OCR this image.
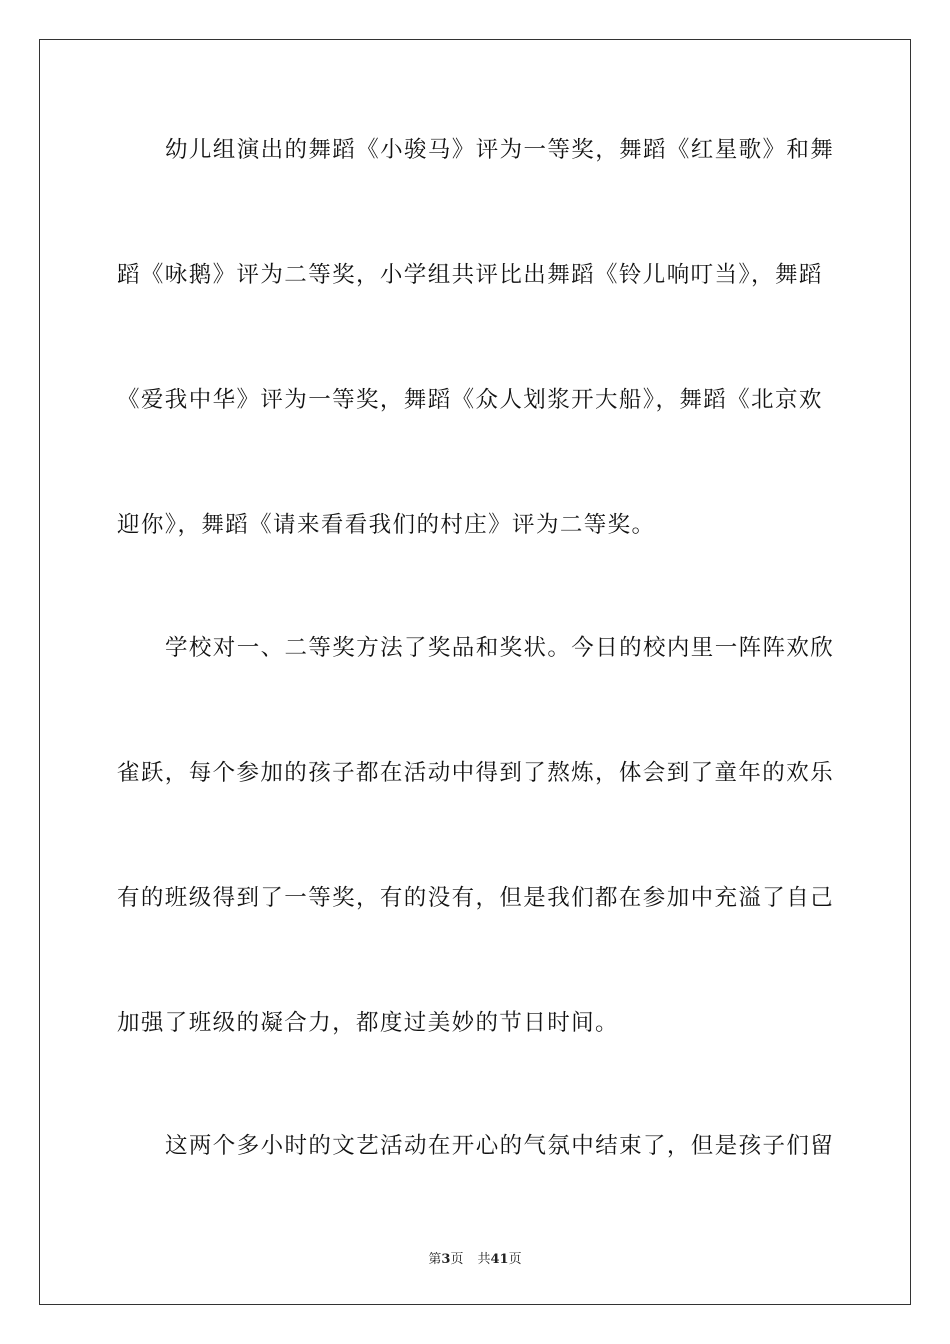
幼儿组演出的舞蹈《小骏马》评为一等奖，舞蹈《红星歌》和舞
蹈《咏鹅》评为二等奖，小学组共评比出舞蹈《铃儿响叮当》，舞蹈
《爱我中华》评为一等奖，舞蹈《众人划浆开大船》，舞蹈《北京欢
迎你》，舞蹈《请来看看我们的村庄》评为二等奖。
学校对一、二等奖方法了奖品和奖状。今日的校内里一阵阵欢欣
雀跃，每个参加的孩子都在活动中得到了熬炼，体会到了童年的欢乐
有的班级得到了一等奖，有的没有，但是我们都在参加中充溢了自己
加强了班级的凝合力，都度过美妙的节日时间。
这两个多小时的文艺活动在开心的气氛中结束了，但是孩子们留
第3页 共41页
